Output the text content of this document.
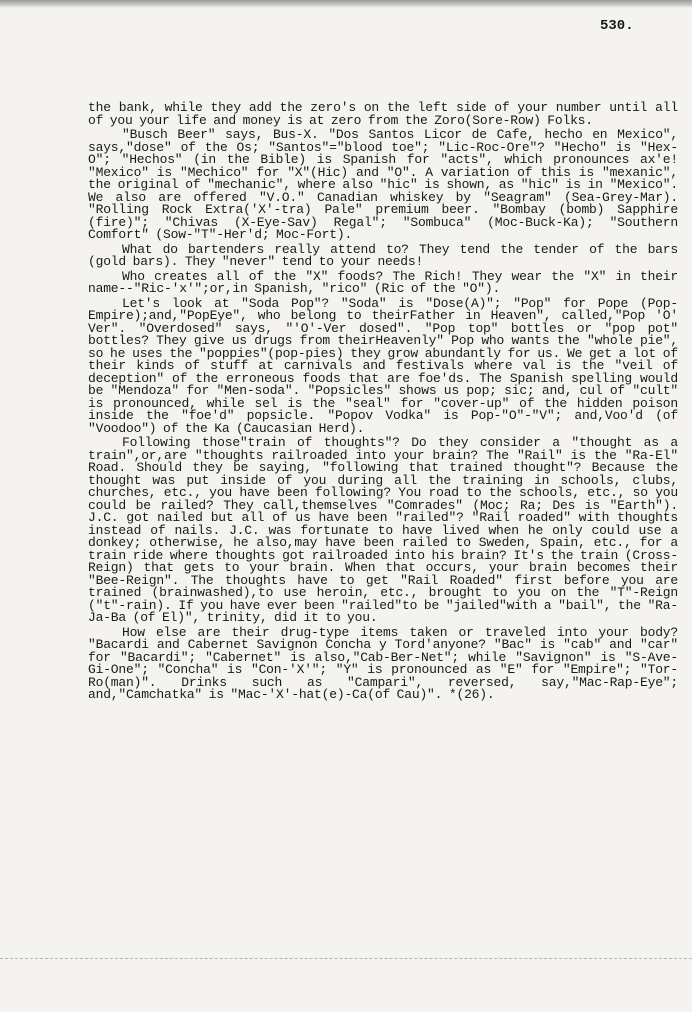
530.

the bank, while they add the zero's on the left side of your number until all of you your life and money is at zero from the Zoro(Sore-Row) Folks.

"Busch Beer" says, Bus-X. "Dos Santos Licor de Cafe, hecho en Mexico", says,"dose" of the Os; "Santos"="blood toe"; "Lic-Roc-Ore"? "Hecho" is "Hex-O"; "Hechos" (in the Bible) is Spanish for "acts", which pronounces ax'e! "Mexico" is "Mechico" for "X"(Hic) and "O". A variation of this is "mexanic", the original of "mechanic", where also "hic" is shown, as "hic" is in "Mexico". We also are offered "V.O." Canadian whiskey by "Seagram" (Sea-Grey-Mar). "Rolling Rock Extra('X'-tra) Pale" premium beer. "Bombay (bomb) Sapphire (fire)"; "Chivas (X-Eye-Sav) Regal"; "Sombuca" (Moc-Buck-Ka); "Southern Comfort" (Sow-"T"-Her'd; Moc-Fort).

What do bartenders really attend to? They tend the tender of the bars (gold bars). They "never" tend to your needs!

Who creates all of the "X" foods? The Rich! They wear the "X" in their name--"Ric-'x'";or,in Spanish, "rico" (Ric of the "O").

Let's look at "Soda Pop"? "Soda" is "Dose(A)"; "Pop" for Pope (Pop-Empire);and,"PopEye", who belong to theirFather in Heaven", called,"Pop 'O' Ver". "Overdosed" says, "'O'-Ver dosed". "Pop top" bottles or "pop pot" bottles? They give us drugs from theirHeavenly" Pop who wants the "whole pie", so he uses the "poppies"(pop-pies) they grow abundantly for us. We get a lot of their kinds of stuff at carnivals and festivals where val is the "veil of deception" of the erroneous foods that are foe'ds. The Spanish spelling would be "Mendoza" for "Men-soda". "Popsicles" shows us pop; sic; and, cul of "cult" is pronounced, while sel is the "seal" for "cover-up" of the hidden poison inside the "foe'd" popsicle. "Popov Vodka" is Pop-"O"-"V"; and,Voo'd (of "Voodoo") of the Ka (Caucasian Herd).

Following those"train of thoughts"? Do they consider a "thought as a train",or,are "thoughts railroaded into your brain? The "Rail" is the "Ra-El" Road. Should they be saying, "following that trained thought"? Because the thought was put inside of you during all the training in schools, clubs, churches, etc., you have been following? You road to the schools, etc., so you could be railed? They call,themselves "Comrades" (Moc; Ra; Des is "Earth"). J.C. got nailed but all of us have been "railed"? "Rail roaded" with thoughts instead of nails. J.C. was fortunate to have lived when he only could use a donkey; otherwise, he also,may have been railed to Sweden, Spain, etc., for a train ride where thoughts got railroaded into his brain? It's the train (Cross-Reign) that gets to your brain. When that occurs, your brain becomes their "Bee-Reign". The thoughts have to get "Rail Roaded" first before you are trained (brainwashed),to use heroin, etc., brought to you on the "T"-Reign ("t"-rain). If you have ever been "railed"to be "jailed"with a "bail", the "Ra-Ja-Ba (of El)", trinity, did it to you.

How else are their drug-type items taken or traveled into your body? "Bacardi and Cabernet Savignon Concha y Tord'anyone? "Bac" is "cab" and "car" for "Bacardi"; "Cabernet" is also,"Cab-Ber-Net"; while "Savignon" is "S-Ave-Gi-One"; "Concha" is "Con-'X'"; "Y" is pronounced as "E" for "Empire"; "Tor-Ro(man)". Drinks such as "Campari", reversed, say,"Mac-Rap-Eye"; and,"Camchatka" is "Mac-'X'-hat(e)-Ca(of Cau)". *(26).
